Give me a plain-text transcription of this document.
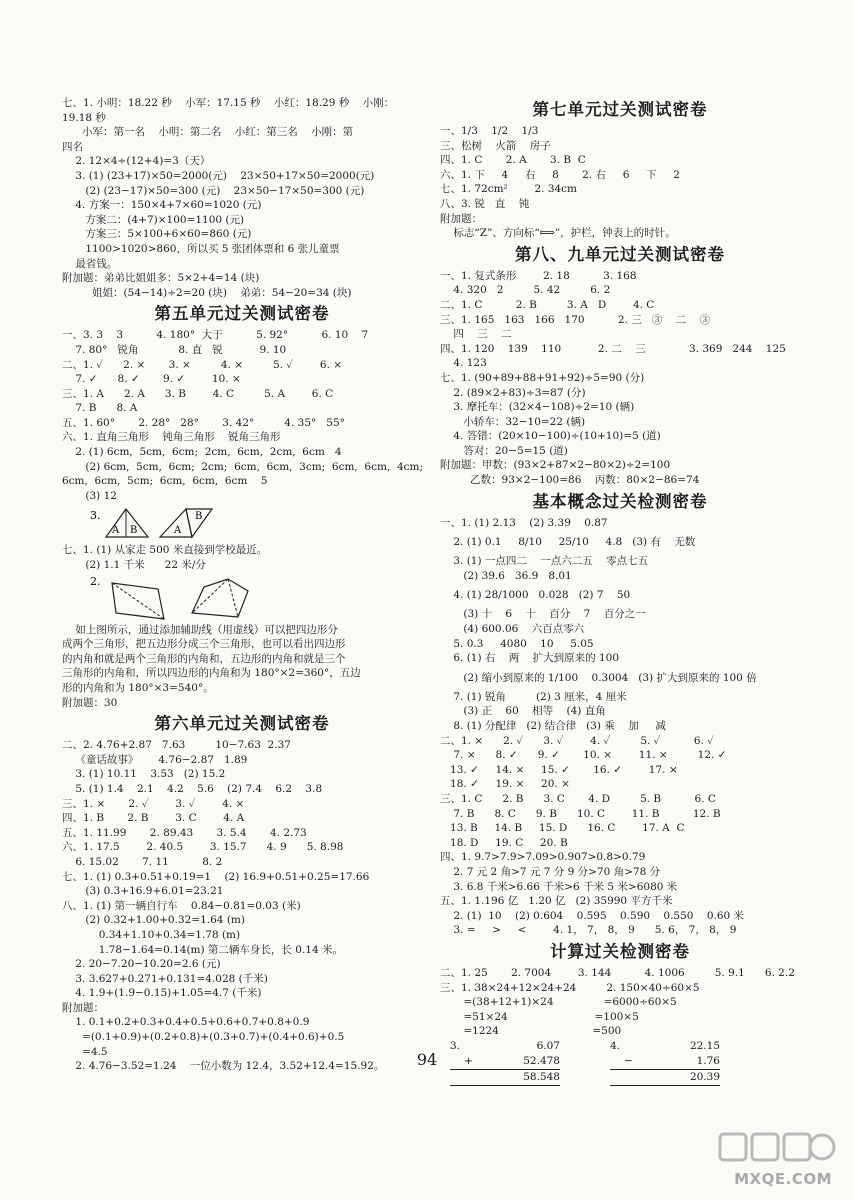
七、1. 小明：18.22 秒    小军：17.15 秒    小红：18.29 秒    小刚：
19.18 秒
小军：第一名    小明：第二名    小红：第三名    小刚：第
四名
2. 12×4÷(12+4)=3（天）
3. (1) (23+17)×50=2000(元)    23×50+17×50=2000(元)
(2) (23−17)×50=300 (元)    23×50−17×50=300 (元)
4. 方案一：150×4+7×60=1020 (元)
方案二：(4+7)×100=1100 (元)
方案三：5×100+6×60=860 (元)
1100>1020>860，所以买 5 张团体票和 6 张儿童票
最省钱。
附加题：弟弟比姐姐多：5×2+4=14 (块)
姐姐：(54−14)÷2=20 (块)    弟弟：54−20=34 (块)
第五单元过关测试密卷
一、3. 3    3          4. 180°  大于          5. 92°          6. 10    7
7. 80°   锐角            8. 直   锐           9. 10
二、1. ✓      2. ×       3. ×         4. ×         5. ✓        6. ×
7. ✓      8. ✓       9. ✓        10. ×
三、1. A      2. A      3. B        4. C         5. A        6. C
7. B      8. A
五、1. 60°       2. 28°   28°       3. 42°         4. 35°   55°
六、1. 直角三角形    钝角三角形    锐角三角形
2. (1) 6cm,  5cm,  6cm;  2cm,  6cm,  2cm,  6cm   4
(2) 6cm,  5cm,  6cm;  2cm;  6cm,  6cm,  3cm;  6cm,  6cm,  4cm;
6cm,  6cm,  5cm;  6cm,  6cm,  6cm    5
(3) 12
3.
A B	A
B
七、1. (1) 从家走 500 米直接到学校最近。
(2) 1.1 千米      22 米/分
2.
如上图所示，通过添加辅助线（用虚线）可以把四边形分
成两个三角形，把五边形分成三个三角形，也可以看出四边形
的内角和就是两个三角形的内角和，五边形的内角和就是三个
三角形的内角和，所以四边形的内角和为 180°×2=360°，五边
形的内角和为 180°×3=540°。
附加题：30
第六单元过关测试密卷
二、2. 4.76+2.87   7.63         10−7.63  2.37
《童话故事》      4.76−2.87   1.89
3. (1) 10.11    3.53   (2) 15.2
5. (1) 1.4    2.1    4.2    5.6    (2) 7.4    6.2    3.8
三、1. ×       2. ✓        3. ✓        4. ×
四、1. B       2. B        3. C        4. A
五、1. 11.99       2. 89.43       3. 5.4       4. 2.73
六、1. 17.5        2. 40.5        3. 15.7      4. 9      5. 8.98
6. 15.02       7. 11          8. 2
七、1. (1) 0.3+0.51+0.19=1    (2) 16.9+0.51+0.25=17.66
(3) 0.3+16.9+6.01=23.21
八、1. (1) 第一辆自行车    0.84−0.81=0.03 (米)
(2) 0.32+1.00+0.32=1.64 (m)
0.34+1.10+0.34=1.78 (m)
1.78−1.64=0.14(m) 第二辆车身长，长 0.14 米。
2. 20−7.20−10.20=2.6 (元)
3. 3.627+0.271+0.131=4.028 (千米)
4. 1.9+(1.9−0.15)+1.05=4.7 (千米)
附加题：
1. 0.1+0.2+0.3+0.4+0.5+0.6+0.7+0.8+0.9
=(0.1+0.9)+(0.2+0.8)+(0.3+0.7)+(0.4+0.6)+0.5
=4.5
2. 4.76−3.52=1.24    一位小数为 12.4，3.52+12.4=15.92。
第七单元过关测试密卷
一、1/3    1/2    1/3
三、松树    火箭    房子
四、1. C       2. A       3. B  C
六、1. 下     4     右     8       2. 右     6     下     2
七、1. 72cm²        2. 34cm
八、3. 锐   直    钝
附加题：
标志“Z”、方向标“⟾”，护栏，钟表上的时针。
第八、九单元过关测试密卷
一、1. 复式条形        2. 18          3. 168
4. 320   2         5. 42         6. 2
二、1. C          2. B         3. A   D        4. C
三、1. 165   163   166   170          2. 三   ③    二    ③
四    三    二
四、1. 120    139    110           2. 二    三             3. 369   244    125
4. 123
七、1. (90+89+88+91+92)÷5=90 (分)
2. (89×2+83)÷3=87 (分)
3. 摩托车：(32×4−108)÷2=10 (辆)
小轿车：32−10=22 (辆)
4. 答错：(20×10−100)÷(10+10)=5 (道)
答对：20−5=15 (道)
附加题：甲数：(93×2+87×2−80×2)÷2=100
乙数：93×2−100=86    丙数：80×2−86=74
基本概念过关检测密卷
一、1. (1) 2.13    (2) 3.39    0.87
2. (1) 0.1     8/10     25/10     4.8   (3) 有    无数
3. (1) 一点四二    一点六二五    零点七五
(2) 39.6   36.9   8.01
4. (1) 28/1000   0.028   (2) 7    50
(3) 十    6    十    百分    7    百分之一
(4) 600.06    六百点零六
5. 0.3     4080    10     5.05
6. (1) 右    两    扩大到原来的 100
(2) 缩小到原来的 1/100    0.3004   (3) 扩大到原来的 100 倍
7. (1) 锐角         (2) 3 厘米，4 厘米
(3) 正    60    相等    (4) 直角
8. (1) 分配律   (2) 结合律   (3) 乘    加     减
二、1. ×      2. ✓      3. ✓        4. ✓         5. ✓          6. ✓
7. ×      8. ✓      9. ✓       10. ×        11. ×         12. ✓
13. ✓     14. ×     15. ✓       16. ✓        17. ×
18. ✓     19. ×     20. ×
三、1. C      2. B      3. C       4. D         5. B          6. C
7. B      8. C      9. B      10. C        11. B          12. B
13. B     14. B     15. D      16. C        17. A  C
18. D     19. C     20. B
四、1. 9.7>7.9>7.09>0.907>0.8>0.79
2. 7 元 2 角>7 元 7 分 9 分>70 角>78 分
3. 6.8 千米>6.66 千米>6 千米 5 米>6080 米
五、1. 1.196 亿   1.20 亿   (2) 35990 平方千米
2. (1)  10    (2) 0.604    0.595    0.590    0.550    0.60 米
3. =     >     <        4. 1， 7， 8， 9      5. 6， 7， 8， 9
计算过关检测密卷
二、1. 25       2. 7004        3. 144          4. 1006         5. 9.1      6. 2.2
三、1. 38×24+12×24+24         2. 150×40÷60×5
=(38+12+1)×24               =6000÷60×5
=51×24                          =100×5
=1224                            =500
3.	6.07
+	52.478
58.548
4.	22.15
−	1.76
20.39
94
MXQE.COM
